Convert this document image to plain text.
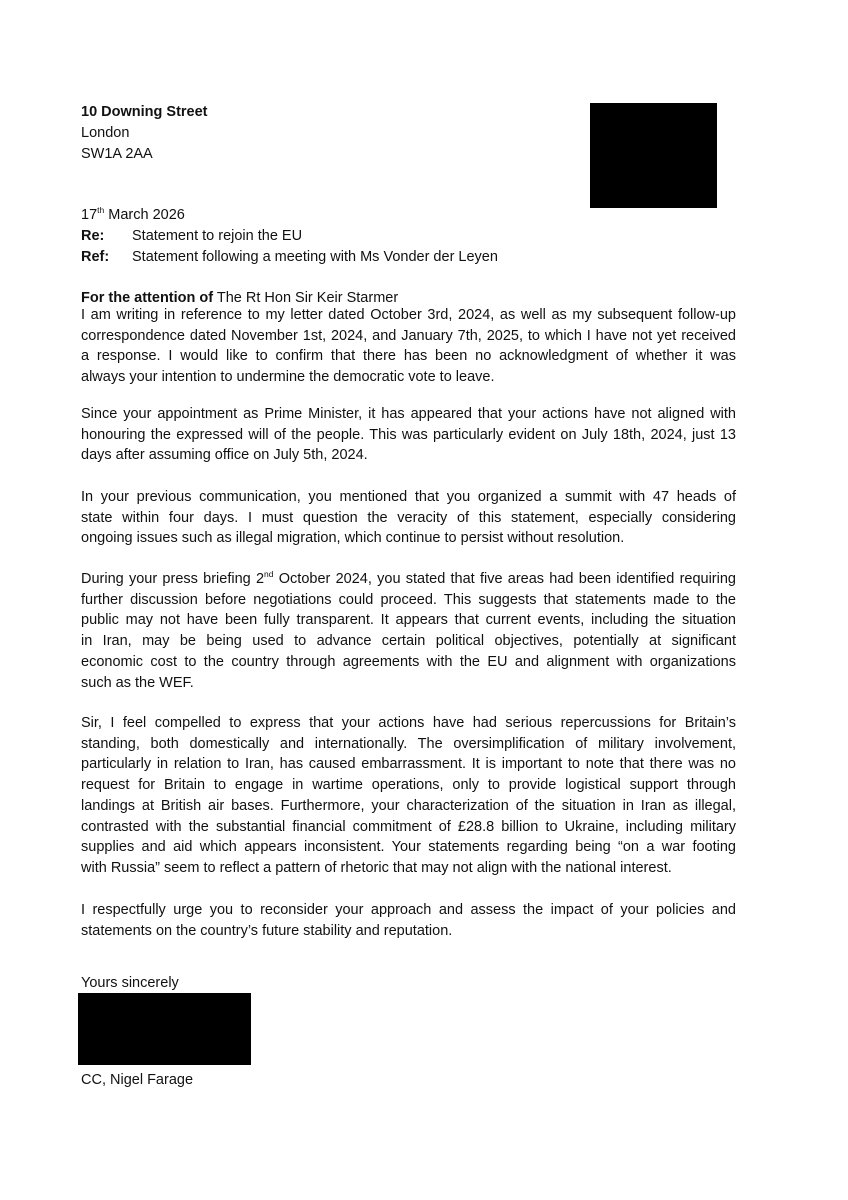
10 Downing Street
London
SW1A 2AA
17th March 2026
Re: Statement to rejoin the EU
Ref: Statement following a meeting with Ms Vonder der Leyen
For the attention of The Rt Hon Sir Keir Starmer
I am writing in reference to my letter dated October 3rd, 2024, as well as my subsequent follow-up
correspondence dated November 1st, 2024, and January 7th, 2025, to which I have not yet received
a response. I would like to confirm that there has been no acknowledgment of whether it was
always your intention to undermine the democratic vote to leave.
Since your appointment as Prime Minister, it has appeared that your actions have not aligned with
honouring the expressed will of the people. This was particularly evident on July 18th, 2024, just 13
days after assuming office on July 5th, 2024.
In your previous communication, you mentioned that you organized a summit with 47 heads of
state within four days. I must question the veracity of this statement, especially considering
ongoing issues such as illegal migration, which continue to persist without resolution.
During your press briefing 2nd October 2024, you stated that five areas had been identified requiring
further discussion before negotiations could proceed. This suggests that statements made to the
public may not have been fully transparent. It appears that current events, including the situation
in Iran, may be being used to advance certain political objectives, potentially at significant
economic cost to the country through agreements with the EU and alignment with organizations
such as the WEF.
Sir, I feel compelled to express that your actions have had serious repercussions for Britain’s
standing, both domestically and internationally. The oversimplification of military involvement,
particularly in relation to Iran, has caused embarrassment. It is important to note that there was no
request for Britain to engage in wartime operations, only to provide logistical support through
landings at British air bases. Furthermore, your characterization of the situation in Iran as illegal,
contrasted with the substantial financial commitment of £28.8 billion to Ukraine, including military
supplies and aid which appears inconsistent. Your statements regarding being “on a war footing
with Russia” seem to reflect a pattern of rhetoric that may not align with the national interest.
I respectfully urge you to reconsider your approach and assess the impact of your policies and
statements on the country’s future stability and reputation.
Yours sincerely
CC, Nigel Farage
